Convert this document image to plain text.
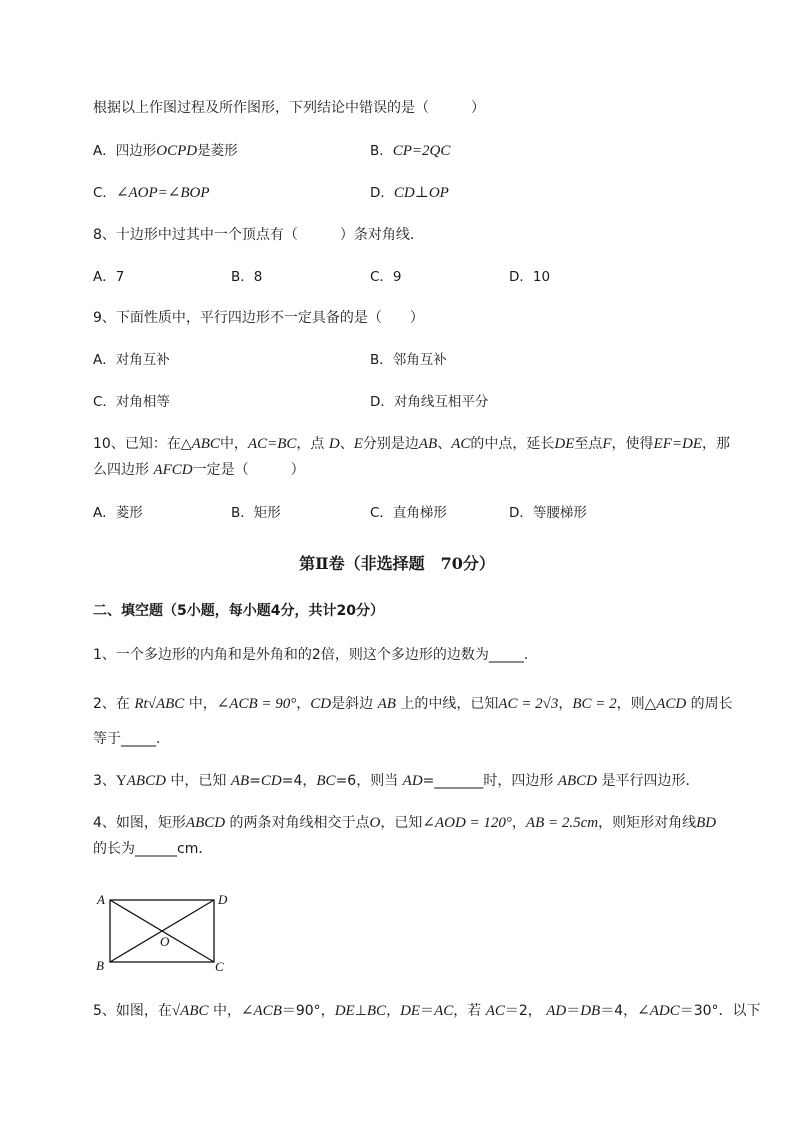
根据以上作图过程及所作图形，下列结论中错误的是（　　　）
A．四边形OCPD是菱形	B．CP=2QC
C．∠AOP=∠BOP	D．CD⊥OP
8、十边形中过其中一个顶点有（　　　）条对角线．
A．7	B．8	C．9	D．10
9、下面性质中，平行四边形不一定具备的是（　　）
A．对角互补	B．邻角互补
C．对角相等	D．对角线互相平分
10、已知：在△ABC中，AC=BC，点 D、E分别是边AB、AC的中点，延长DE至点F，使得EF=DE，那
么四边形 AFCD一定是（　　　）
A．菱形	B．矩形	C．直角梯形	D．等腰梯形
第Ⅱ卷（非选择题　70分）
二、填空题（5小题，每小题4分，共计20分）
1、一个多边形的内角和是外角和的2倍，则这个多边形的边数为_____.
2、在 Rt√ABC 中，∠ACB = 90°，CD是斜边 AB 上的中线，已知AC = 2√3，BC = 2，则△ACD 的周长
等于_____.
3、YABCD 中，已知 AB=CD=4，BC=6，则当 AD=_______时，四边形 ABCD 是平行四边形．
4、如图，矩形ABCD 的两条对角线相交于点O，已知∠AOD = 120°，AB = 2.5cm，则矩形对角线BD
的长为______cm．
A	D
O
B	C
5、如图，在√ABC 中，∠ACB＝90°，DE⊥BC，DE＝AC，若 AC＝2， AD＝DB＝4，∠ADC＝30°．以下
